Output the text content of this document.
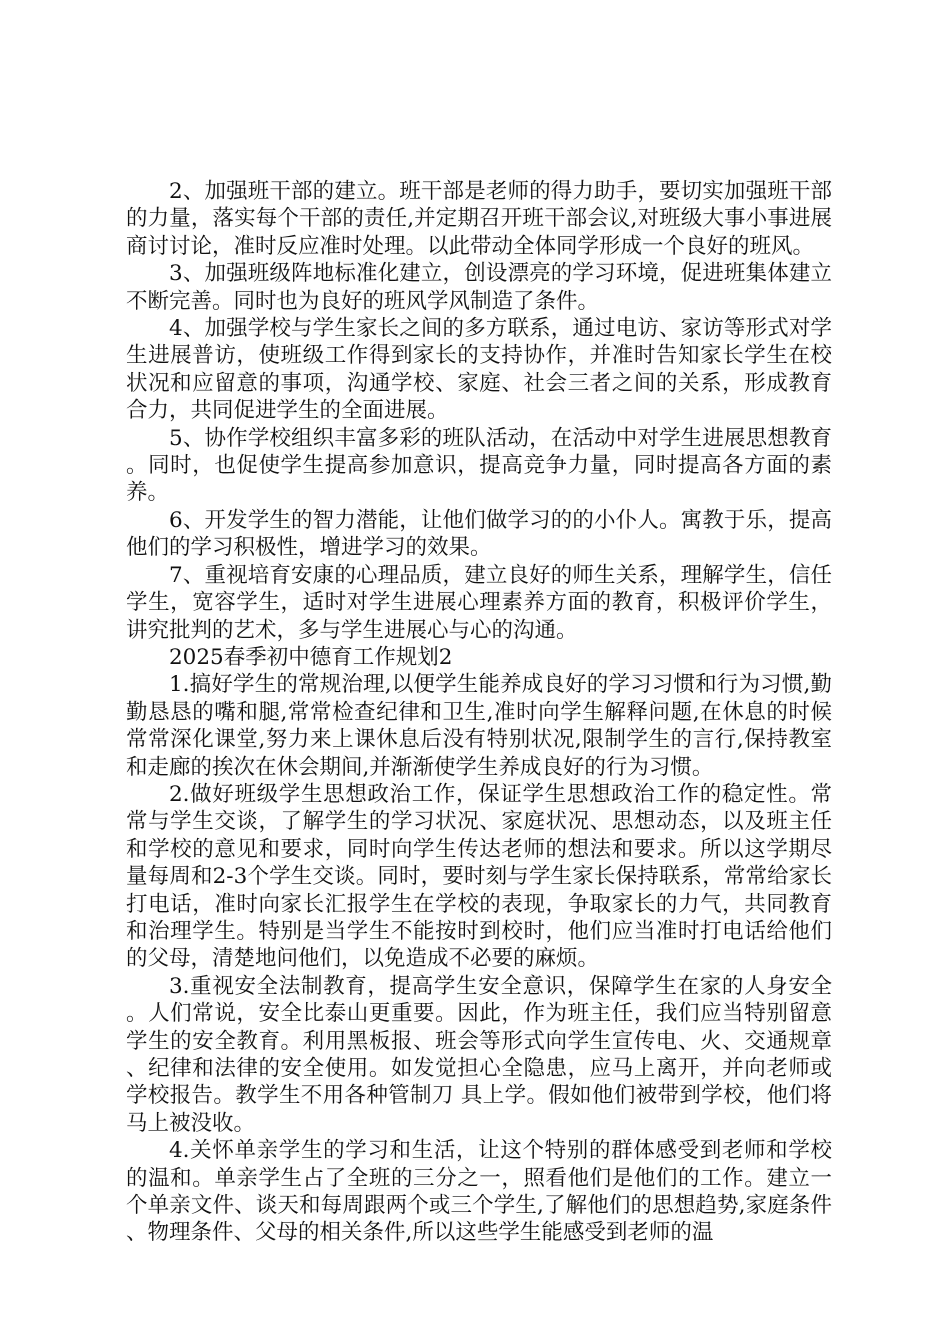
2、加强班干部的建立。班干部是老师的得力助手，要切实加强班干部的力量，落实每个干部的责任,并定期召开班干部会议,对班级大事小事进展商讨讨论，准时反应准时处理。以此带动全体同学形成一个良好的班风。

3、加强班级阵地标准化建立，创设漂亮的学习环境，促进班集体建立不断完善。同时也为良好的班风学风制造了条件。

4、加强学校与学生家长之间的多方联系，通过电访、家访等形式对学生进展普访，使班级工作得到家长的支持协作，并准时告知家长学生在校状况和应留意的事项，沟通学校、家庭、社会三者之间的关系，形成教育合力，共同促进学生的全面进展。

5、协作学校组织丰富多彩的班队活动，在活动中对学生进展思想教育。同时，也促使学生提高参加意识，提高竞争力量，同时提高各方面的素养。

6、开发学生的智力潜能，让他们做学习的的小仆人。寓教于乐，提高他们的学习积极性，增进学习的效果。

7、重视培育安康的心理品质，建立良好的师生关系，理解学生，信任学生，宽容学生，适时对学生进展心理素养方面的教育，积极评价学生，讲究批判的艺术，多与学生进展心与心的沟通。

2025春季初中德育工作规划2

1.搞好学生的常规治理,以便学生能养成良好的学习习惯和行为习惯,勤勤恳恳的嘴和腿,常常检查纪律和卫生,准时向学生解释问题,在休息的时候常常深化课堂,努力来上课休息后没有特别状况,限制学生的言行,保持教室和走廊的挨次在休会期间,并渐渐使学生养成良好的行为习惯。

2.做好班级学生思想政治工作，保证学生思想政治工作的稳定性。常常与学生交谈，了解学生的学习状况、家庭状况、思想动态，以及班主任和学校的意见和要求，同时向学生传达老师的想法和要求。所以这学期尽量每周和2-3个学生交谈。同时，要时刻与学生家长保持联系，常常给家长打电话，准时向家长汇报学生在学校的表现，争取家长的力气，共同教育和治理学生。特别是当学生不能按时到校时，他们应当准时打电话给他们的父母，清楚地问他们，以免造成不必要的麻烦。

3.重视安全法制教育，提高学生安全意识，保障学生在家的人身安全。人们常说，安全比泰山更重要。因此，作为班主任，我们应当特别留意学生的安全教育。利用黑板报、班会等形式向学生宣传电、火、交通规章、纪律和法律的安全使用。如发觉担心全隐患，应马上离开，并向老师或学校报告。教学生不用各种管制刀 具上学。假如他们被带到学校，他们将马上被没收。

4.关怀单亲学生的学习和生活，让这个特别的群体感受到老师和学校的温和。单亲学生占了全班的三分之一，照看他们是他们的工作。建立一个单亲文件、谈天和每周跟两个或三个学生,了解他们的思想趋势,家庭条件、物理条件、父母的相关条件,所以这些学生能感受到老师的温
